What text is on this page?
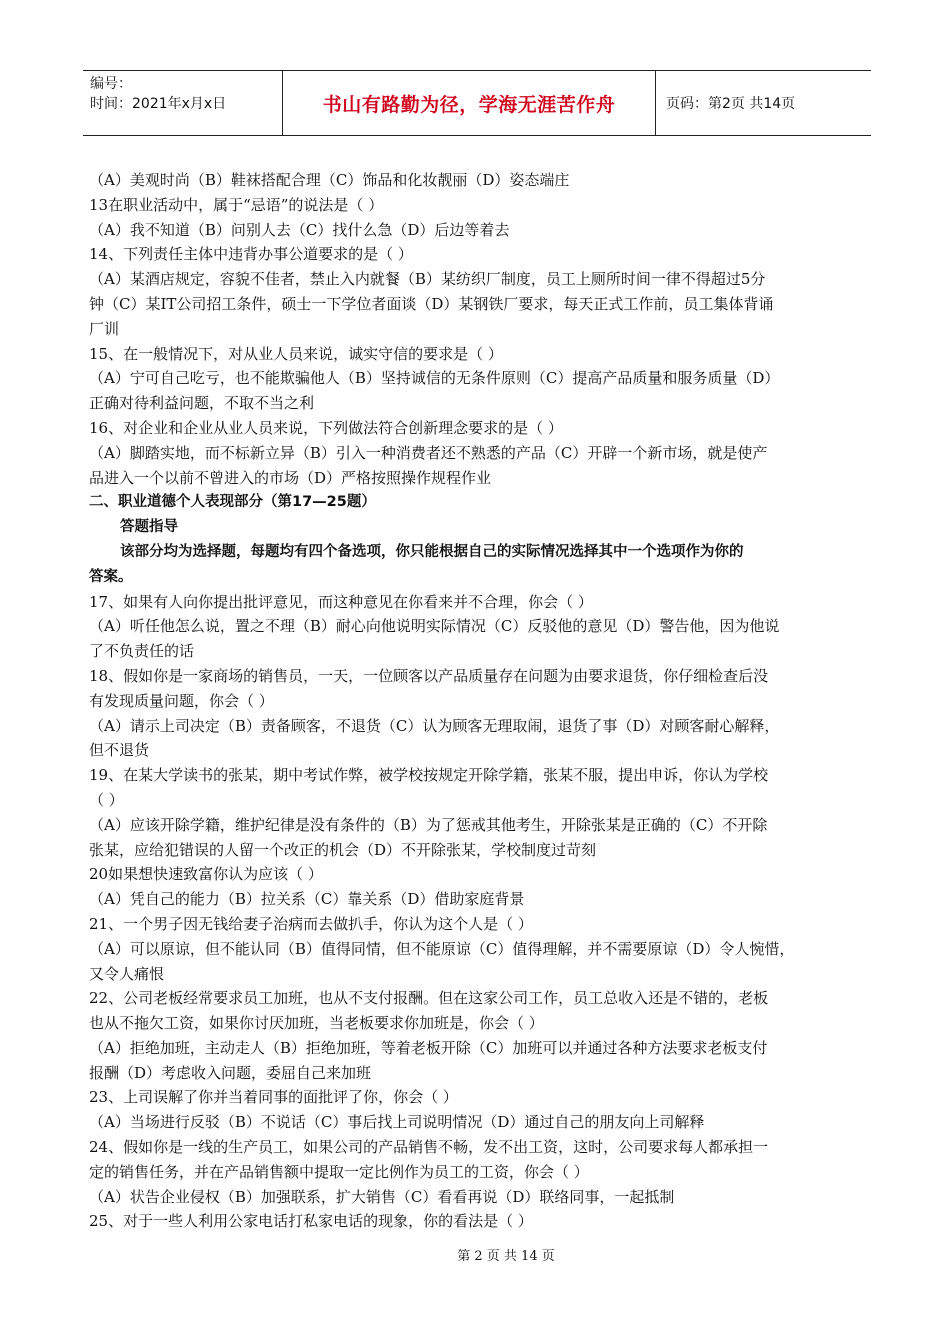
编号：
时间：2021年x月x日	书山有路勤为径，学海无涯苦作舟	页码：第2页 共14页
（A）美观时尚（B）鞋袜搭配合理（C）饰品和化妆靓丽（D）姿态端庄
13在职业活动中，属于“忌语”的说法是（ ）
（A）我不知道（B）问别人去（C）找什么急（D）后边等着去
14、下列责任主体中违背办事公道要求的是（ ）
（A）某酒店规定，容貌不佳者，禁止入内就餐（B）某纺织厂制度，员工上厕所时间一律不得超过5分
钟（C）某IT公司招工条件，硕士一下学位者面谈（D）某钢铁厂要求，每天正式工作前，员工集体背诵
厂训
15、在一般情况下，对从业人员来说，诚实守信的要求是（ ）
（A）宁可自己吃亏，也不能欺骗他人（B）坚持诚信的无条件原则（C）提高产品质量和服务质量（D）
正确对待利益问题，不取不当之利
16、对企业和企业从业人员来说，下列做法符合创新理念要求的是（ ）
（A）脚踏实地，而不标新立异（B）引入一种消费者还不熟悉的产品（C）开辟一个新市场，就是使产
品进入一个以前不曾进入的市场（D）严格按照操作规程作业
二、职业道德个人表现部分（第17—25题）
答题指导
该部分均为选择题，每题均有四个备选项，你只能根据自己的实际情况选择其中一个选项作为你的
答案。
17、如果有人向你提出批评意见，而这种意见在你看来并不合理，你会（ ）
（A）听任他怎么说，置之不理（B）耐心向他说明实际情况（C）反驳他的意见（D）警告他，因为他说
了不负责任的话
18、假如你是一家商场的销售员，一天，一位顾客以产品质量存在问题为由要求退货，你仔细检查后没
有发现质量问题，你会（ ）
（A）请示上司决定（B）责备顾客，不退货（C）认为顾客无理取闹，退货了事（D）对顾客耐心解释，
但不退货
19、在某大学读书的张某，期中考试作弊，被学校按规定开除学籍，张某不服，提出申诉，你认为学校
（ ）
（A）应该开除学籍，维护纪律是没有条件的（B）为了惩戒其他考生，开除张某是正确的（C）不开除
张某，应给犯错误的人留一个改正的机会（D）不开除张某，学校制度过苛刻
20如果想快速致富你认为应该（ ）
（A）凭自己的能力（B）拉关系（C）靠关系（D）借助家庭背景
21、一个男子因无钱给妻子治病而去做扒手，你认为这个人是（ ）
（A）可以原谅，但不能认同（B）值得同情，但不能原谅（C）值得理解，并不需要原谅（D）令人惋惜，
又令人痛恨
22、公司老板经常要求员工加班，也从不支付报酬。但在这家公司工作，员工总收入还是不错的，老板
也从不拖欠工资，如果你讨厌加班，当老板要求你加班是，你会（ ）
（A）拒绝加班，主动走人（B）拒绝加班，等着老板开除（C）加班可以并通过各种方法要求老板支付
报酬（D）考虑收入问题，委屈自己来加班
23、上司误解了你并当着同事的面批评了你，你会（ ）
（A）当场进行反驳（B）不说话（C）事后找上司说明情况（D）通过自己的朋友向上司解释
24、假如你是一线的生产员工，如果公司的产品销售不畅，发不出工资，这时，公司要求每人都承担一
定的销售任务，并在产品销售额中提取一定比例作为员工的工资，你会（ ）
（A）状告企业侵权（B）加强联系，扩大销售（C）看看再说（D）联络同事，一起抵制
25、对于一些人利用公家电话打私家电话的现象，你的看法是（ ）
第 2 页 共 14 页
